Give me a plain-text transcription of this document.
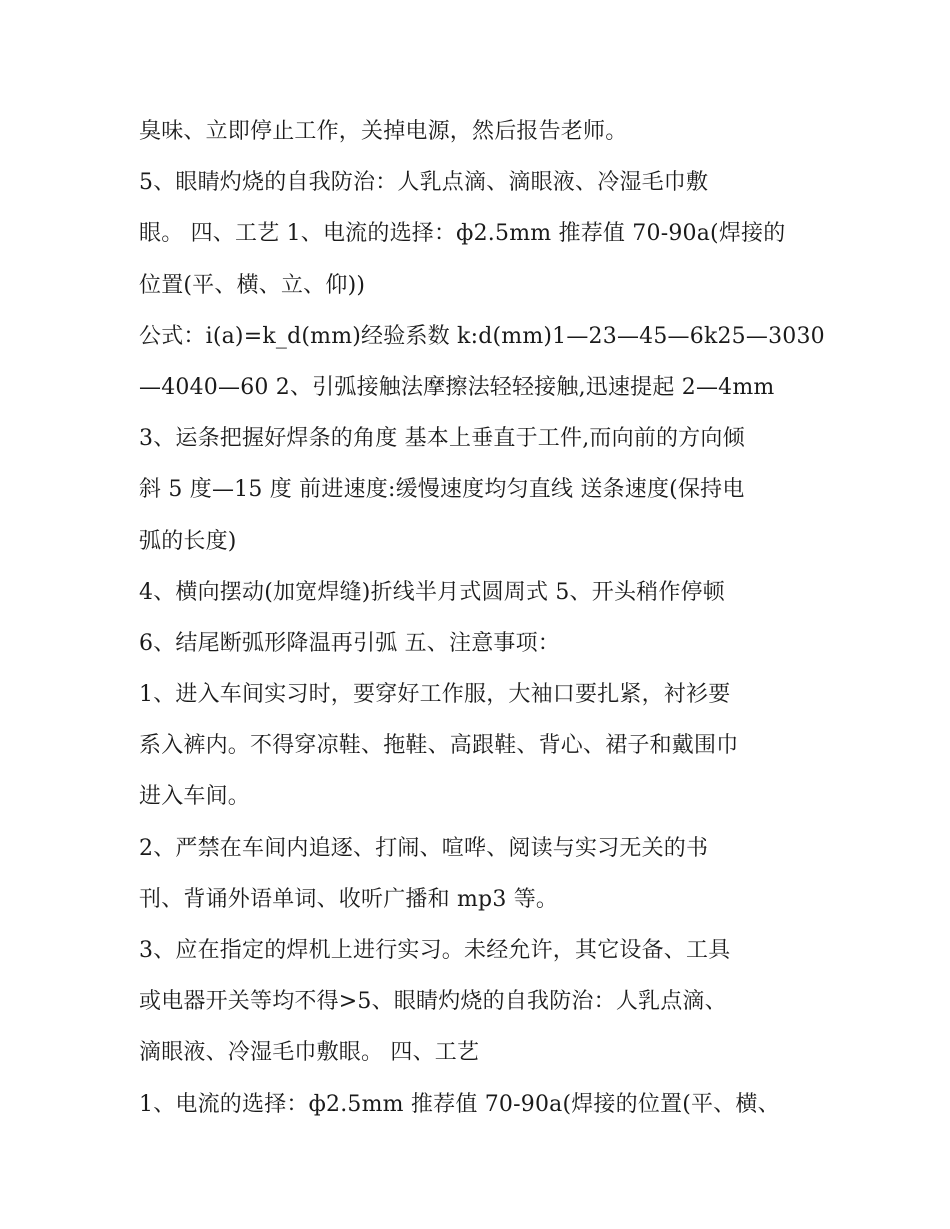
臭味、立即停止工作，关掉电源，然后报告老师。
5、眼睛灼烧的自我防治：人乳点滴、滴眼液、冷湿毛巾敷
眼。 四、工艺 1、电流的选择：ф2.5mm 推荐值 70-90a(焊接的
位置(平、横、立、仰))
公式：i(a)=k_d(mm)经验系数 k:d(mm)1—23—45—6k25—3030
—4040—60 2、引弧接触法摩擦法轻轻接触,迅速提起 2—4mm
3、运条把握好焊条的角度 基本上垂直于工件,而向前的方向倾
斜 5 度—15 度 前进速度:缓慢速度均匀直线 送条速度(保持电
弧的长度)
4、横向摆动(加宽焊缝)折线半月式圆周式 5、开头稍作停顿
6、结尾断弧形降温再引弧 五、注意事项：
1、进入车间实习时，要穿好工作服，大袖口要扎紧，衬衫要
系入裤内。不得穿凉鞋、拖鞋、高跟鞋、背心、裙子和戴围巾
进入车间。
2、严禁在车间内追逐、打闹、喧哗、阅读与实习无关的书
刊、背诵外语单词、收听广播和 mp3 等。
3、应在指定的焊机上进行实习。未经允许，其它设备、工具
或电器开关等均不得>5、眼睛灼烧的自我防治：人乳点滴、
滴眼液、冷湿毛巾敷眼。 四、工艺
1、电流的选择：ф2.5mm 推荐值 70-90a(焊接的位置(平、横、
